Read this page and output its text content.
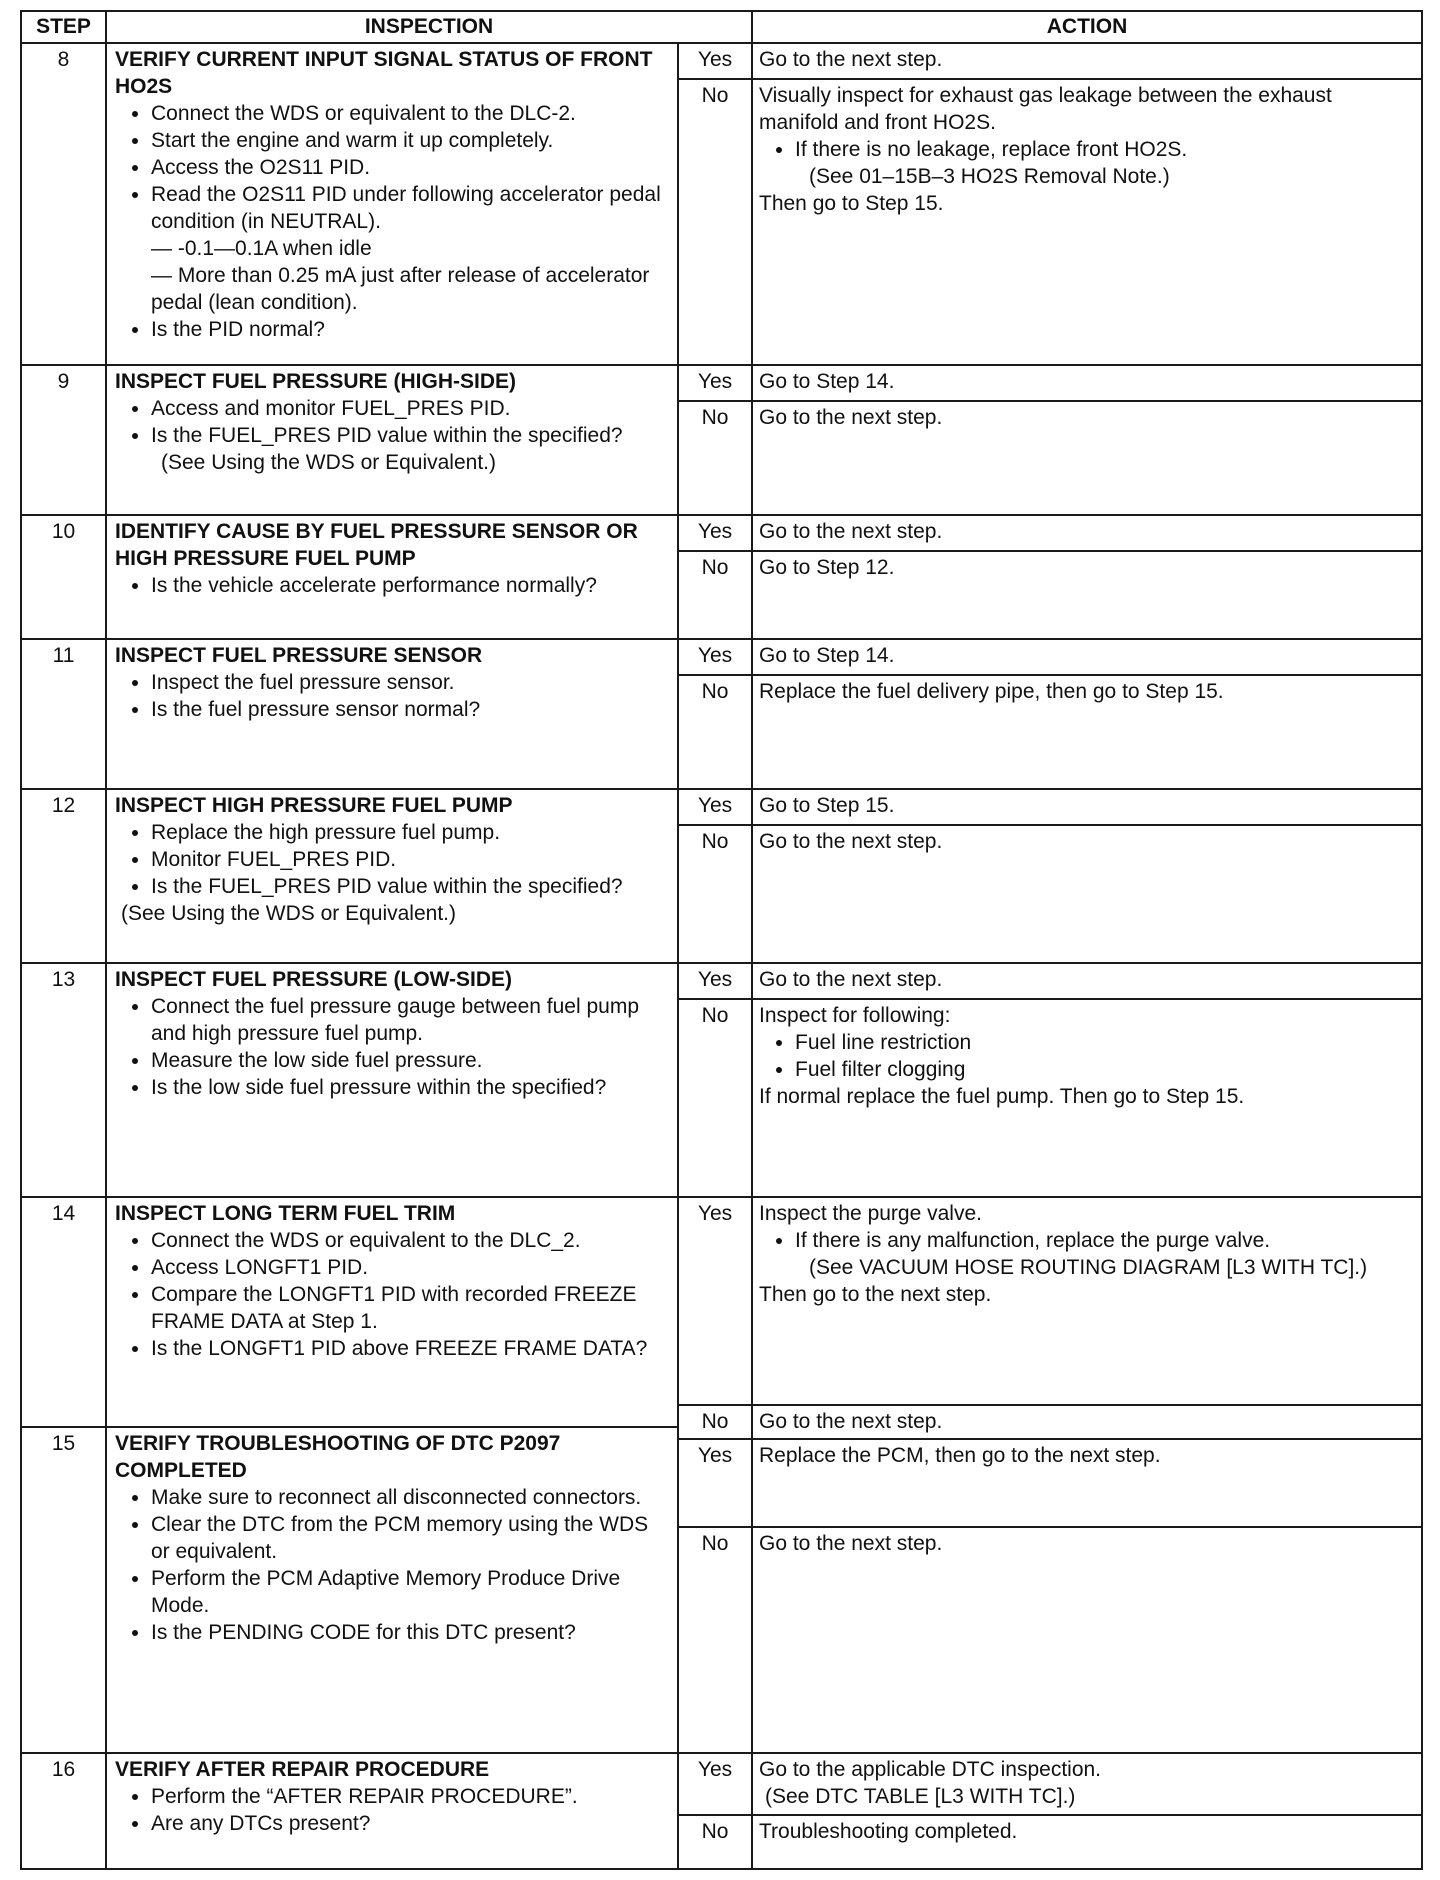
STEP	INSPECTION	ACTION
8	VERIFY CURRENT INPUT SIGNAL STATUS OF FRONT HO2S
• Connect the WDS or equivalent to the DLC-2.
• Start the engine and warm it up completely.
• Access the O2S11 PID.
• Read the O2S11 PID under following accelerator pedal condition (in NEUTRAL).
— -0.1—0.1A when idle
— More than 0.25 mA just after release of accelerator pedal (lean condition).
• Is the PID normal?
Yes	Go to the next step.
No	Visually inspect for exhaust gas leakage between the exhaust manifold and front HO2S.
• If there is no leakage, replace front HO2S.
(See 01–15B–3 HO2S Removal Note.)
Then go to Step 15.
9	INSPECT FUEL PRESSURE (HIGH-SIDE)
• Access and monitor FUEL_PRES PID.
• Is the FUEL_PRES PID value within the specified?
(See Using the WDS or Equivalent.)
Yes	Go to Step 14.
No	Go to the next step.
10	IDENTIFY CAUSE BY FUEL PRESSURE SENSOR OR HIGH PRESSURE FUEL PUMP
• Is the vehicle accelerate performance normally?
Yes	Go to the next step.
No	Go to Step 12.
11	INSPECT FUEL PRESSURE SENSOR
• Inspect the fuel pressure sensor.
• Is the fuel pressure sensor normal?
Yes	Go to Step 14.
No	Replace the fuel delivery pipe, then go to Step 15.
12	INSPECT HIGH PRESSURE FUEL PUMP
• Replace the high pressure fuel pump.
• Monitor FUEL_PRES PID.
• Is the FUEL_PRES PID value within the specified?
(See Using the WDS or Equivalent.)
Yes	Go to Step 15.
No	Go to the next step.
13	INSPECT FUEL PRESSURE (LOW-SIDE)
• Connect the fuel pressure gauge between fuel pump and high pressure fuel pump.
• Measure the low side fuel pressure.
• Is the low side fuel pressure within the specified?
Yes	Go to the next step.
No	Inspect for following:
• Fuel line restriction
• Fuel filter clogging
If normal replace the fuel pump. Then go to Step 15.
14	INSPECT LONG TERM FUEL TRIM
• Connect the WDS or equivalent to the DLC_2.
• Access LONGFT1 PID.
• Compare the LONGFT1 PID with recorded FREEZE FRAME DATA at Step 1.
• Is the LONGFT1 PID above FREEZE FRAME DATA?
Yes	Inspect the purge valve.
• If there is any malfunction, replace the purge valve.
(See VACUUM HOSE ROUTING DIAGRAM [L3 WITH TC].)
Then go to the next step.
No	Go to the next step.
15	VERIFY TROUBLESHOOTING OF DTC P2097 COMPLETED
• Make sure to reconnect all disconnected connectors.
• Clear the DTC from the PCM memory using the WDS or equivalent.
• Perform the PCM Adaptive Memory Produce Drive Mode.
• Is the PENDING CODE for this DTC present?
Yes	Replace the PCM, then go to the next step.
No	Go to the next step.
16	VERIFY AFTER REPAIR PROCEDURE
• Perform the “AFTER REPAIR PROCEDURE”.
• Are any DTCs present?
Yes	Go to the applicable DTC inspection.
(See DTC TABLE [L3 WITH TC].)
No	Troubleshooting completed.
